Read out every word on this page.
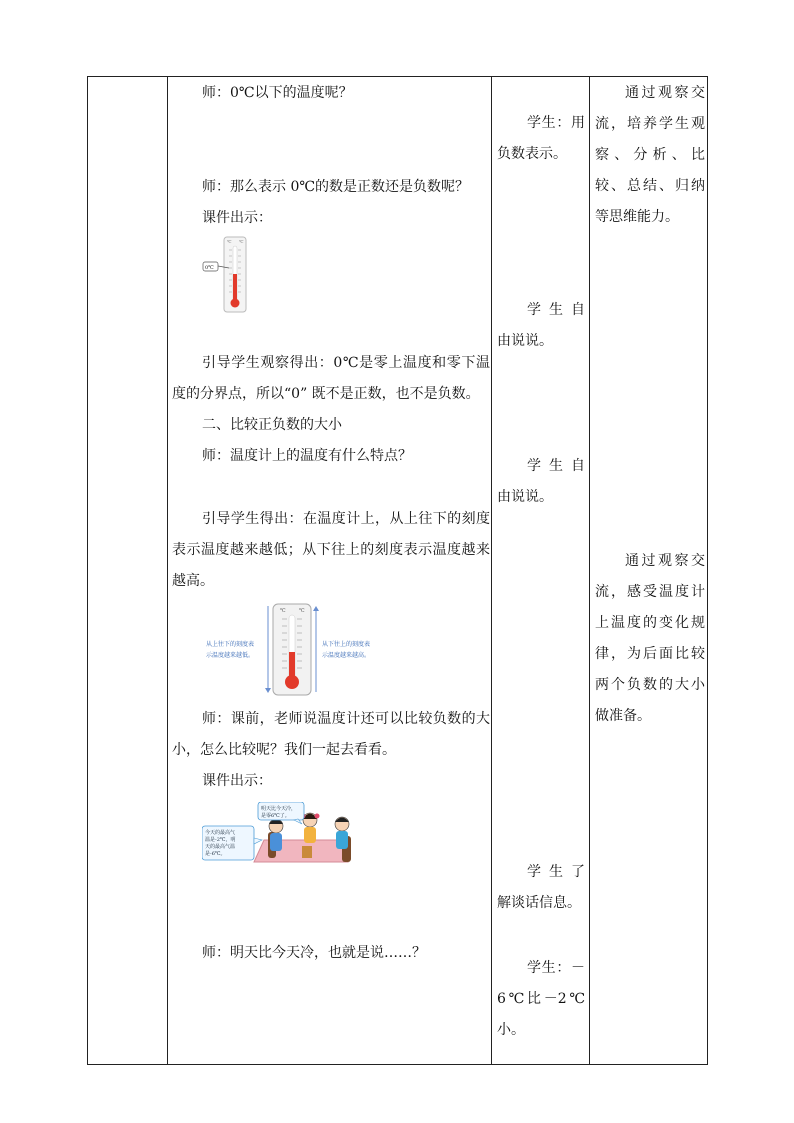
师：0℃以下的温度呢？

师：那么表示 0℃的数是正数还是负数呢？

课件出示：

℃ ℃
0℃

引导学生观察得出：0℃是零上温度和零下温度的分界点，所以“0” 既不是正数，也不是负数。

二、比较正负数的大小

师：温度计上的温度有什么特点？

引导学生得出：在温度计上，从上往下的刻度表示温度越来越低；从下往上的刻度表示温度越来越高。

从上往下的刻度表
示温度越来越低。
℃	℃
从下往上的刻度表
示温度越来越高。

师：课前，老师说温度计还可以比较负数的大小，怎么比较呢？我们一起去看看。

课件出示：

今天的最高气
温是-2℃，明
天的最高气温
是-6℃。
明天比今天冷，
是零6℃了。

师：明天比今天冷，也就是说……？

学生：用负数表示。

学 生 自由说说。

学 生 自由说说。

学 生 了解谈话信息。

学生：－6℃比－2℃小。

通过观察交流，培养学生观察、分析、比较、总结、归纳等思维能力。

通过观察交流，感受温度计上温度的变化规律，为后面比较两个负数的大小做准备。
